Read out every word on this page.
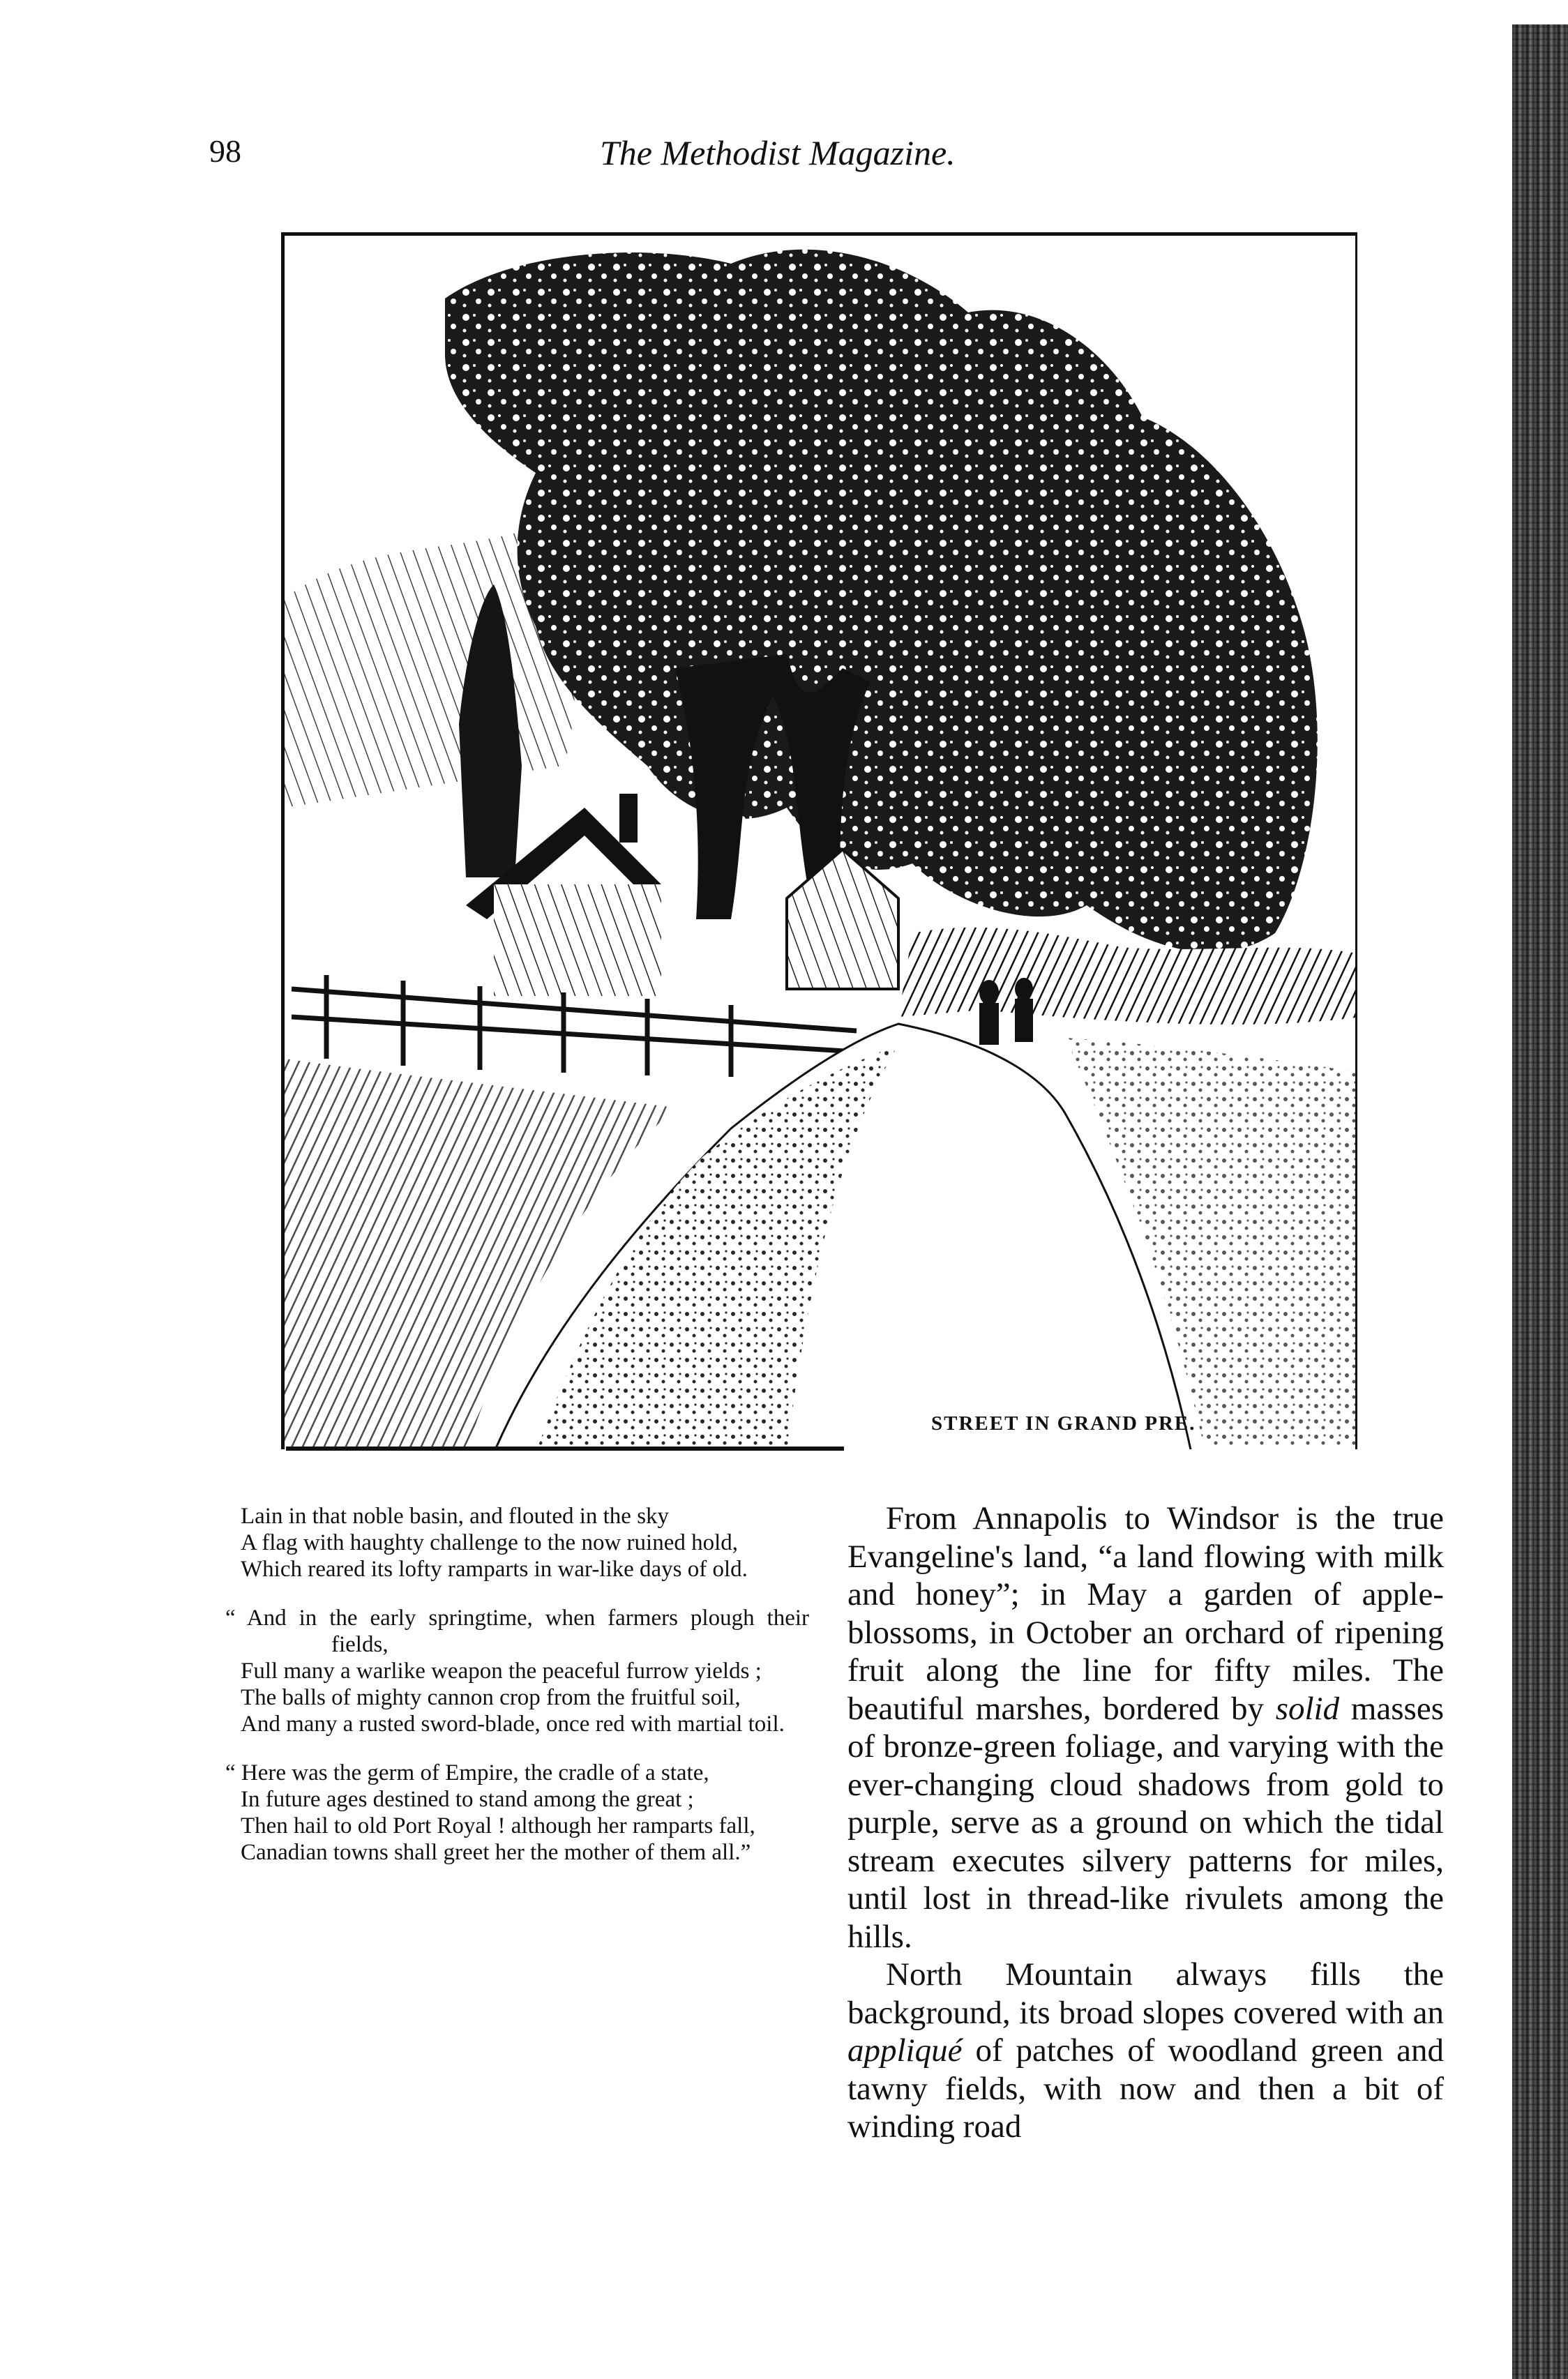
98	The Methodist Magazine.
STREET IN GRAND PRE.
Lain in that noble basin, and flouted in the sky
A flag with haughty challenge to the now ruined hold,
Which reared its lofty ramparts in war-like days of old.
“ And in the early springtime, when farmers plough their fields,
Full many a warlike weapon the peaceful furrow yields ;
The balls of mighty cannon crop from the fruitful soil,
And many a rusted sword-blade, once red with martial toil.
“ Here was the germ of Empire, the cradle of a state,
In future ages destined to stand among the great ;
Then hail to old Port Royal ! although her ramparts fall,
Canadian towns shall greet her the mother of them all.”

From Annapolis to Windsor is the true Evangeline's land, “a land flowing with milk and honey”; in May a garden of apple-blossoms, in October an orchard of ripening fruit along the line for fifty miles. The beautiful marshes, bordered by solid masses of bronze-green foliage, and varying with the ever-changing cloud shadows from gold to purple, serve as a ground on which the tidal stream executes silvery patterns for miles, until lost in thread-like rivulets among the hills.

North Mountain always fills the background, its broad slopes covered with an appliqué of patches of woodland green and tawny fields, with now and then a bit of winding road
